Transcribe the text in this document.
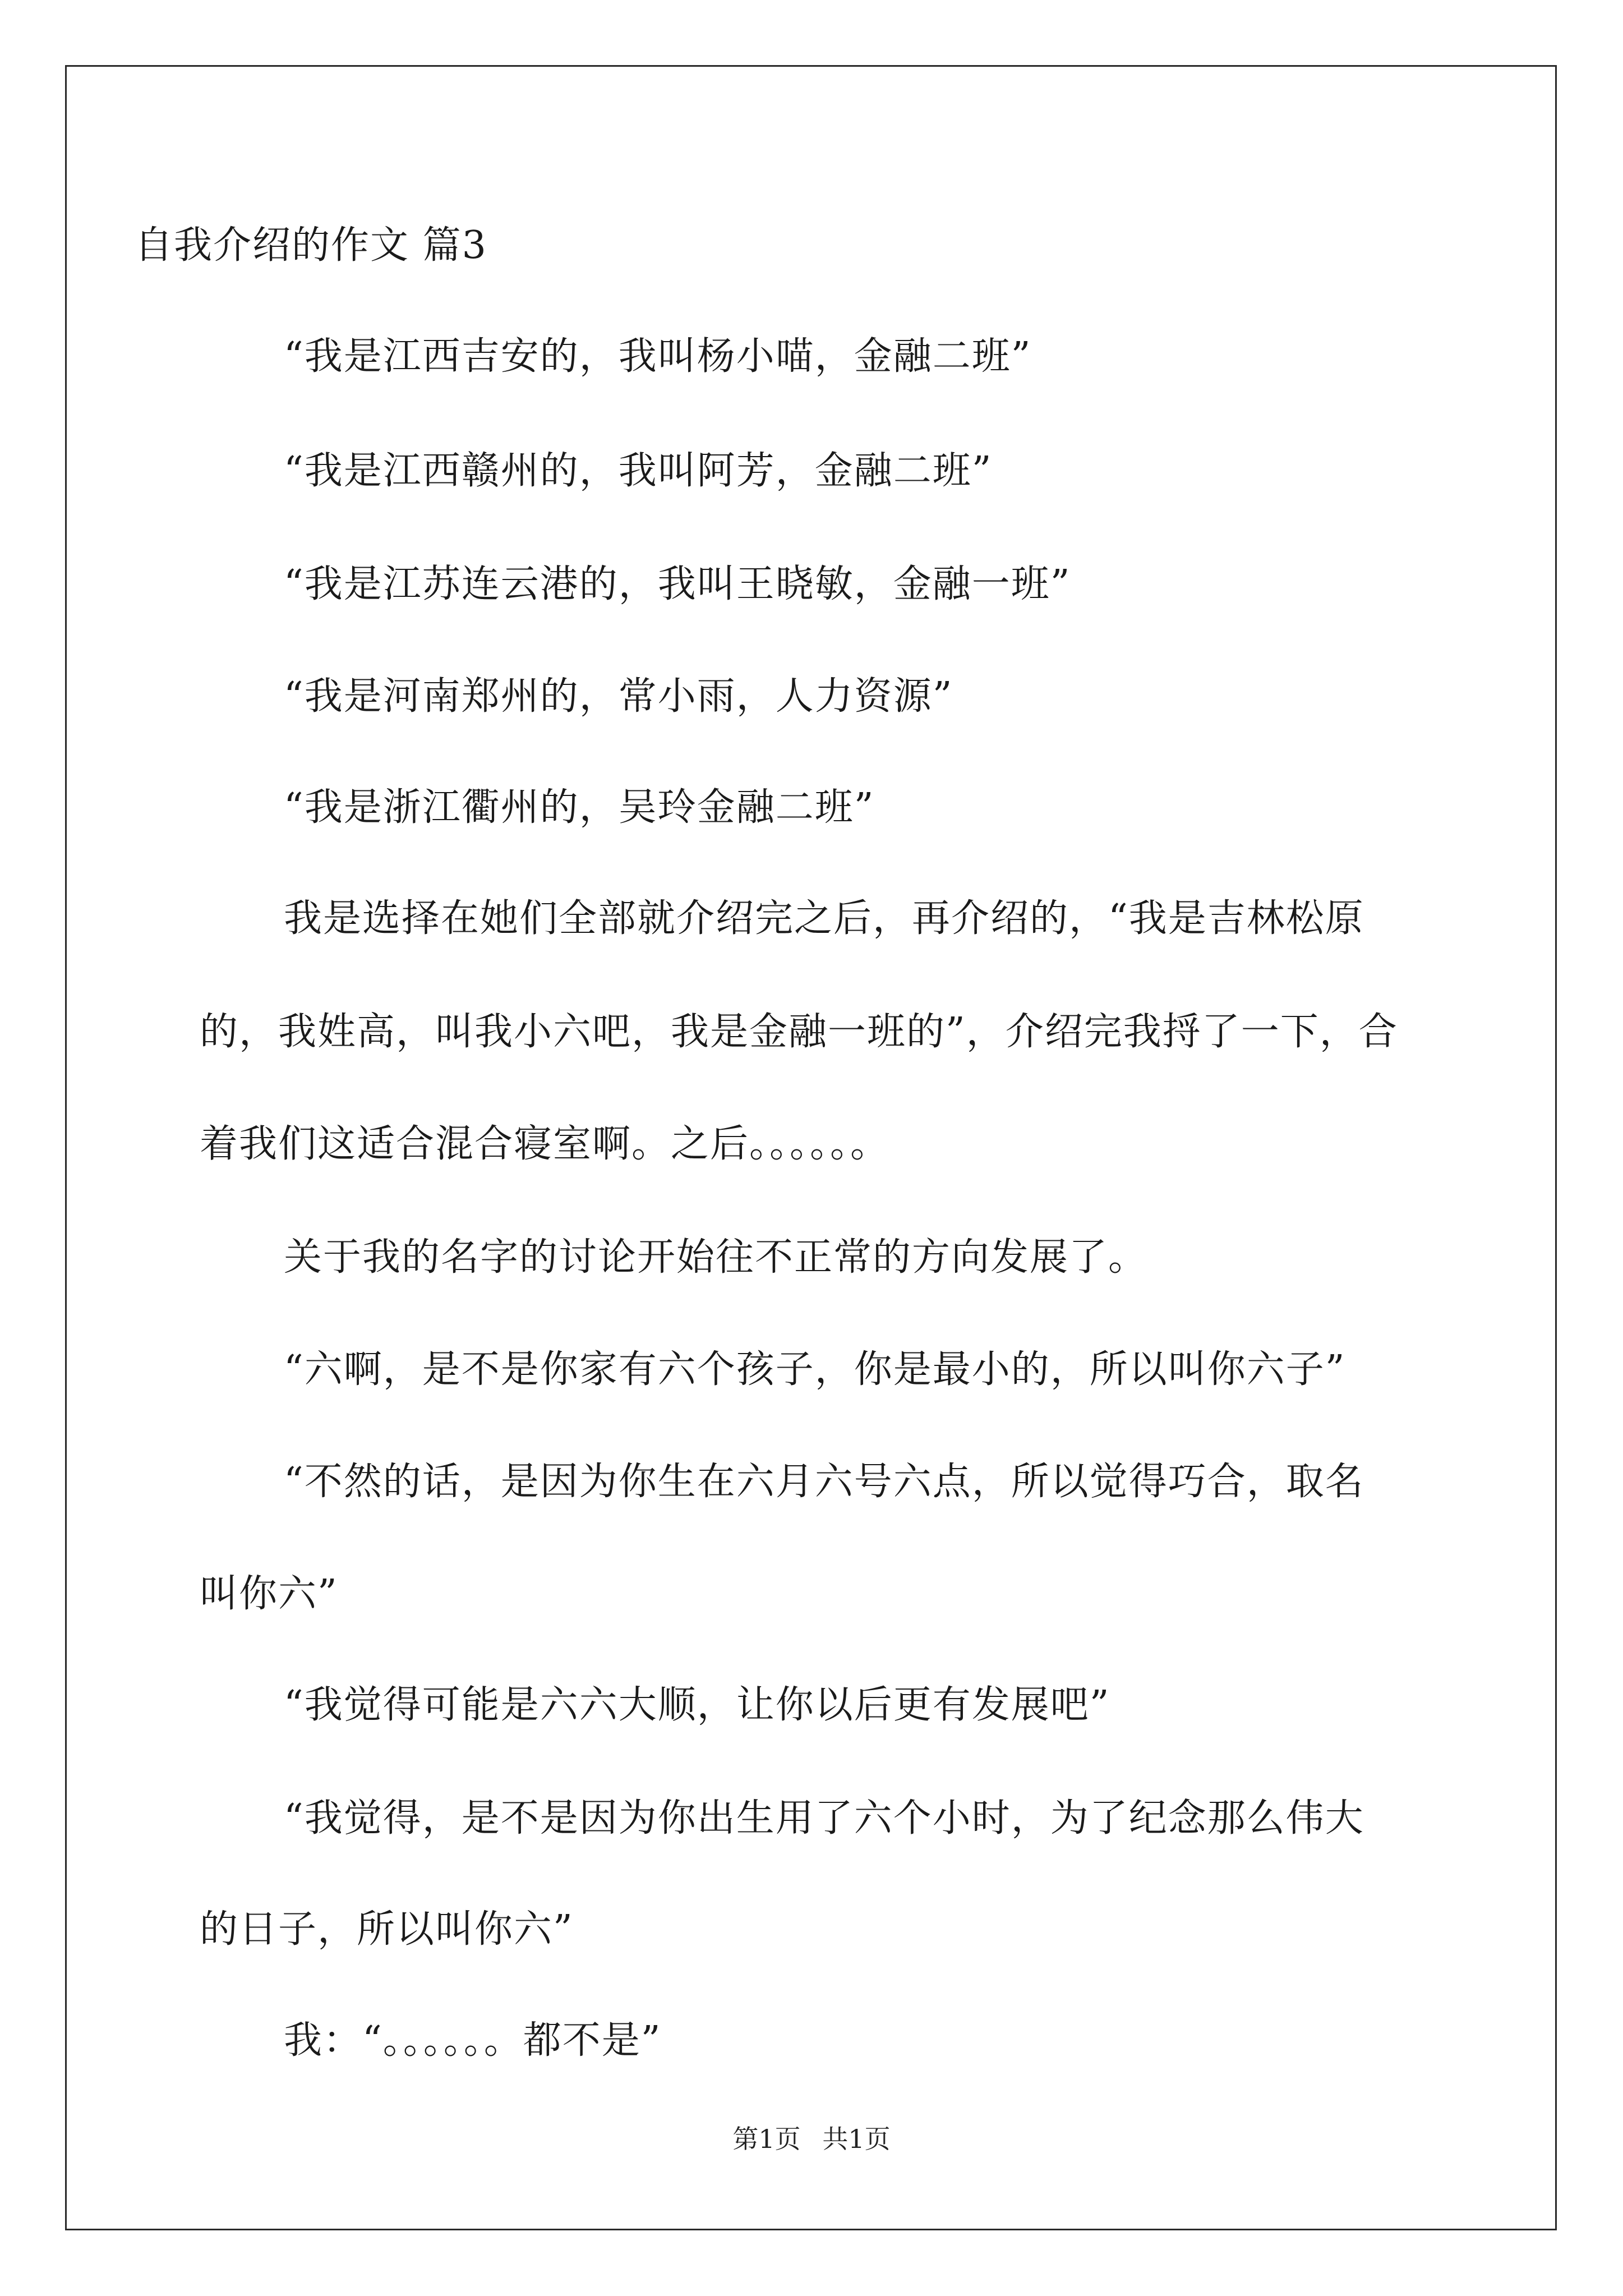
自我介绍的作文 篇3
“我是江西吉安的，我叫杨小喵，金融二班”
“我是江西赣州的，我叫阿芳，金融二班”
“我是江苏连云港的，我叫王晓敏，金融一班”
“我是河南郑州的，常小雨，人力资源”
“我是浙江衢州的，吴玲金融二班”
我是选择在她们全部就介绍完之后，再介绍的，“我是吉林松原
的，我姓高，叫我小六吧，我是金融一班的”，介绍完我捋了一下，合
着我们这适合混合寝室啊。之后。。。。。。
关于我的名字的讨论开始往不正常的方向发展了。
“六啊，是不是你家有六个孩子，你是最小的，所以叫你六子”
“不然的话，是因为你生在六月六号六点，所以觉得巧合，取名
叫你六”
“我觉得可能是六六大顺，让你以后更有发展吧”
“我觉得，是不是因为你出生用了六个小时，为了纪念那么伟大
的日子，所以叫你六”
我：“。。。。。。都不是”
第1页 共1页
